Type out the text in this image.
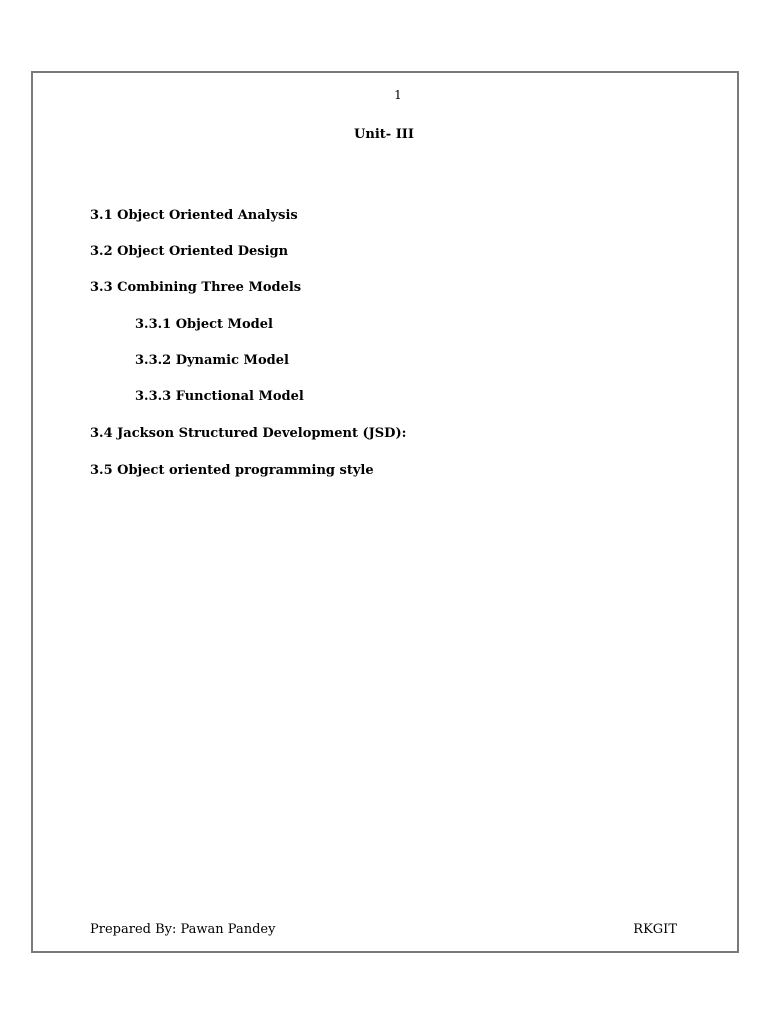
1
Unit- III
3.1 Object Oriented Analysis
3.2 Object Oriented Design
3.3 Combining Three Models
3.3.1 Object Model
3.3.2 Dynamic Model
3.3.3 Functional Model
3.4 Jackson Structured Development (JSD):
3.5 Object oriented programming style
Prepared By: Pawan Pandey	RKGIT
